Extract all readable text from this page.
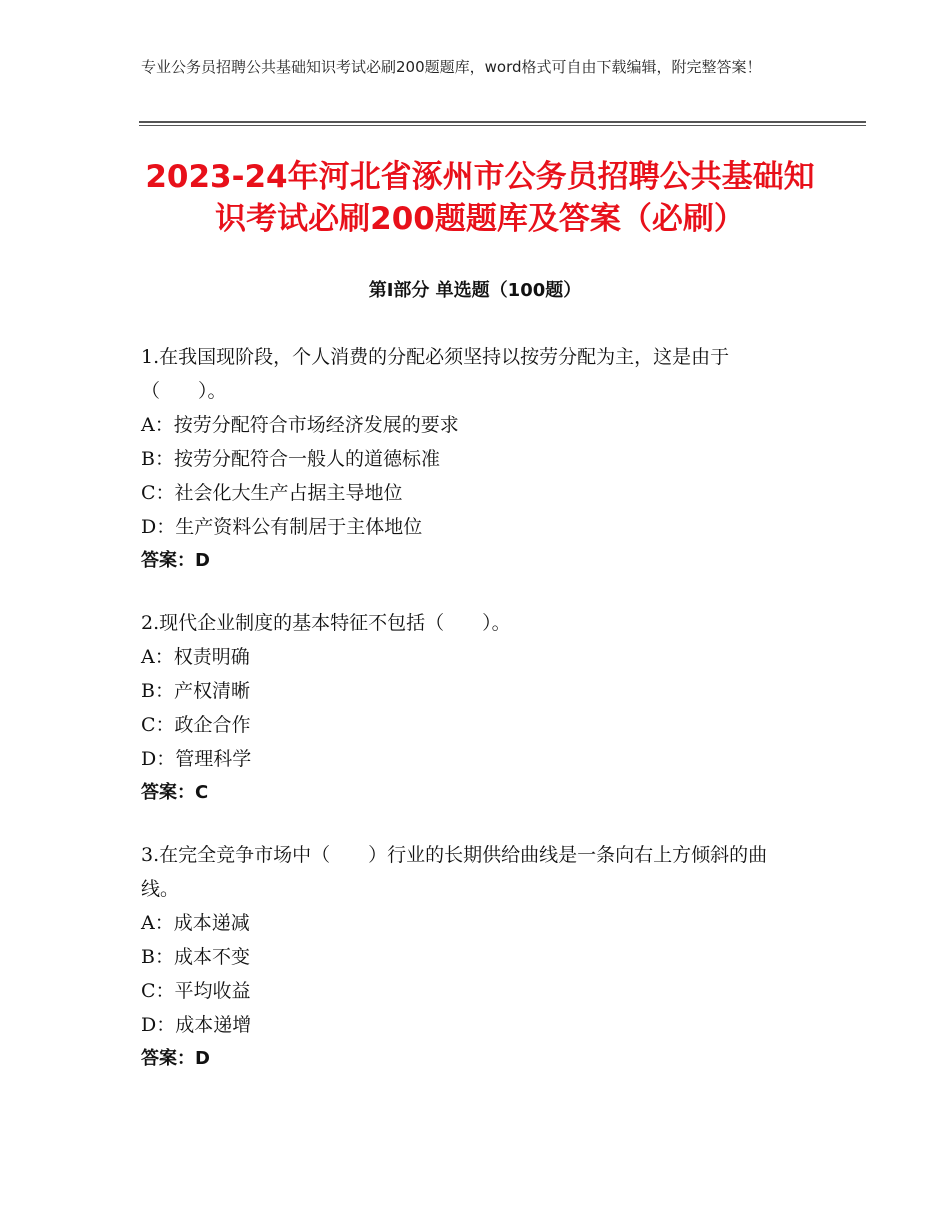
专业公务员招聘公共基础知识考试必刷200题题库，word格式可自由下载编辑，附完整答案！
2023-24年河北省涿州市公务员招聘公共基础知识考试必刷200题题库及答案（必刷）
第Ⅰ部分 单选题（100题）
1.在我国现阶段，个人消费的分配必须坚持以按劳分配为主，这是由于（　　）。
A：按劳分配符合市场经济发展的要求
B：按劳分配符合一般人的道德标准
C：社会化大生产占据主导地位
D：生产资料公有制居于主体地位
答案：D
2.现代企业制度的基本特征不包括（　　）。
A：权责明确
B：产权清晰
C：政企合作
D：管理科学
答案：C
3.在完全竞争市场中（　　）行业的长期供给曲线是一条向右上方倾斜的曲线。
A：成本递减
B：成本不变
C：平均收益
D：成本递增
答案：D
